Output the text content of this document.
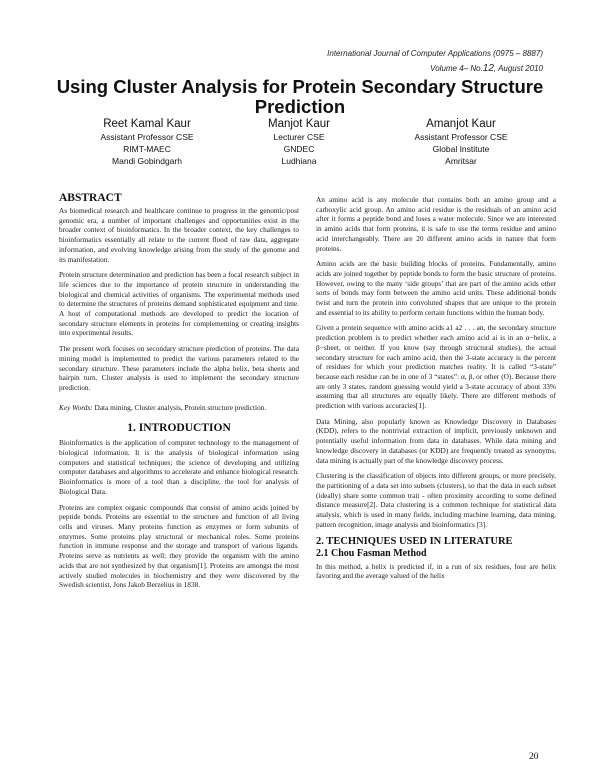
International Journal of Computer Applications (0975 – 8887)
Volume 4– No.12, August 2010
Using Cluster Analysis for Protein Secondary Structure Prediction
Reet Kamal Kaur
Assistant Professor CSE
RIMT-MAEC
Mandi Gobindgarh
Manjot Kaur
Lecturer CSE
GNDEC
Ludhiana
Amanjot Kaur
Assistant Professor CSE
Global Institute
Amritsar
ABSTRACT

As biomedical research and healthcare continue to progress in the genomic/post genomic era, a number of important challenges and opportunities exist in the broader context of bioinformatics. In the broader context, the key challenges to bioinformatics essentially all relate to the current flood of raw data, aggregate information, and evolving knowledge arising from the study of the genome and its manifestation.

Protein structure determination and prediction has been a focal research subject in life sciences due to the importance of protein structure in understanding the biological and chemical activities of organisms. The experimental methods used to determine the structures of proteins demand sophisticated equipment and time. A host of computational methods are developed to predict the location of secondary structure elements in proteins for complementing or creating insights into experimental results.

The present work focuses on secondary structure prediction of proteins. The data mining model is implemented to predict the various parameters related to the secondary structure. These parameters include the alpha helix, beta sheets and hairpin turn. Cluster analysis is used to implement the secondary structure prediction.

Key Words: Data mining, Cluster analysis, Protein structure prediction.

1. INTRODUCTION

Bioinformatics is the application of computer technology to the management of biological information. It is the analysis of biological information using computers and statistical techniques; the science of developing and utilizing computer databases and algorithms to accelerate and enhance biological research. Bioinformatics is more of a tool than a discipline, the tool for analysis of Biological Data.

Proteins are complex organic compounds that consist of amino acids joined by peptide bonds. Proteins are essential to the structure and function of all living cells and viruses. Many proteins function as enzymes or form subunits of enzymes. Some proteins play structural or mechanical roles. Some proteins function in immune response and the storage and transport of various ligands. Proteins serve as nutrients as well; they provide the organism with the amino acids that are not synthesized by that organism[1]. Proteins are amongst the most actively studied molecules in biochemistry and they were discovered by the Swedish scientist, Jons Jakob Berzelius in 1838.

An amino acid is any molecule that contains both an amino group and a carboxylic acid group. An amino acid residue is the residuals of an amino acid after it forms a peptide bond and loses a water molecule. Since we are interested in amino acids that form proteins, it is safe to use the terms residue and amino acid interchangeably. There are 20 different amino acids in nature that form proteins.

Amino acids are the basic building blocks of proteins. Fundamentally, amino acids are joined together by peptide bonds to form the basic structure of proteins. However, owing to the many ‘side groups’ that are part of the amino acids other sorts of bonds may form between the amino acid units. These additional bonds twist and turn the protein into convoluted shapes that are unique to the protein and essential to its ability to perform certain functions within the human body.

Given a protein sequence with amino acids a1 a2 . . . an, the secondary structure prediction problem is to predict whether each amino acid ai is in an α−helix, a β−sheet, or neither. If you know (say through structural studies), the actual secondary structure for each amino acid, then the 3-state accuracy is the percent of residues for which your prediction matches reality. It is called “3-state” because each residue can be in one of 3 “states”: α, β, or other (O). Because there are only 3 states, random guessing would yield a 3-state accuracy of about 33% assuming that all structures are equally likely. There are different methods of prediction with various accuracies[1].

Data Mining, also popularly known as Knowledge Discovery in Databases (KDD), refers to the nontrivial extraction of implicit, previously unknown and potentially useful information from data in databases. While data mining and knowledge discovery in databases (or KDD) are frequently treated as synonyms, data mining is actually part of the knowledge discovery process.

Clustering is the classification of objects into different groups, or more precisely, the partitioning of a data set into subsets (clusters), so that the data in each subset (ideally) share some common trait - often proximity according to some defined distance measure[2]. Data clustering is a common technique for statistical data analysis, which is used in many fields, including machine learning, data mining, pattern recognition, image analysis and bioinformatics [3].

2. TECHNIQUES USED IN LITERATURE
2.1 Chou Fasman Method

In this method, a helix is predicted if, in a run of six residues, four are helix favoring and the average valued of the helix

20
